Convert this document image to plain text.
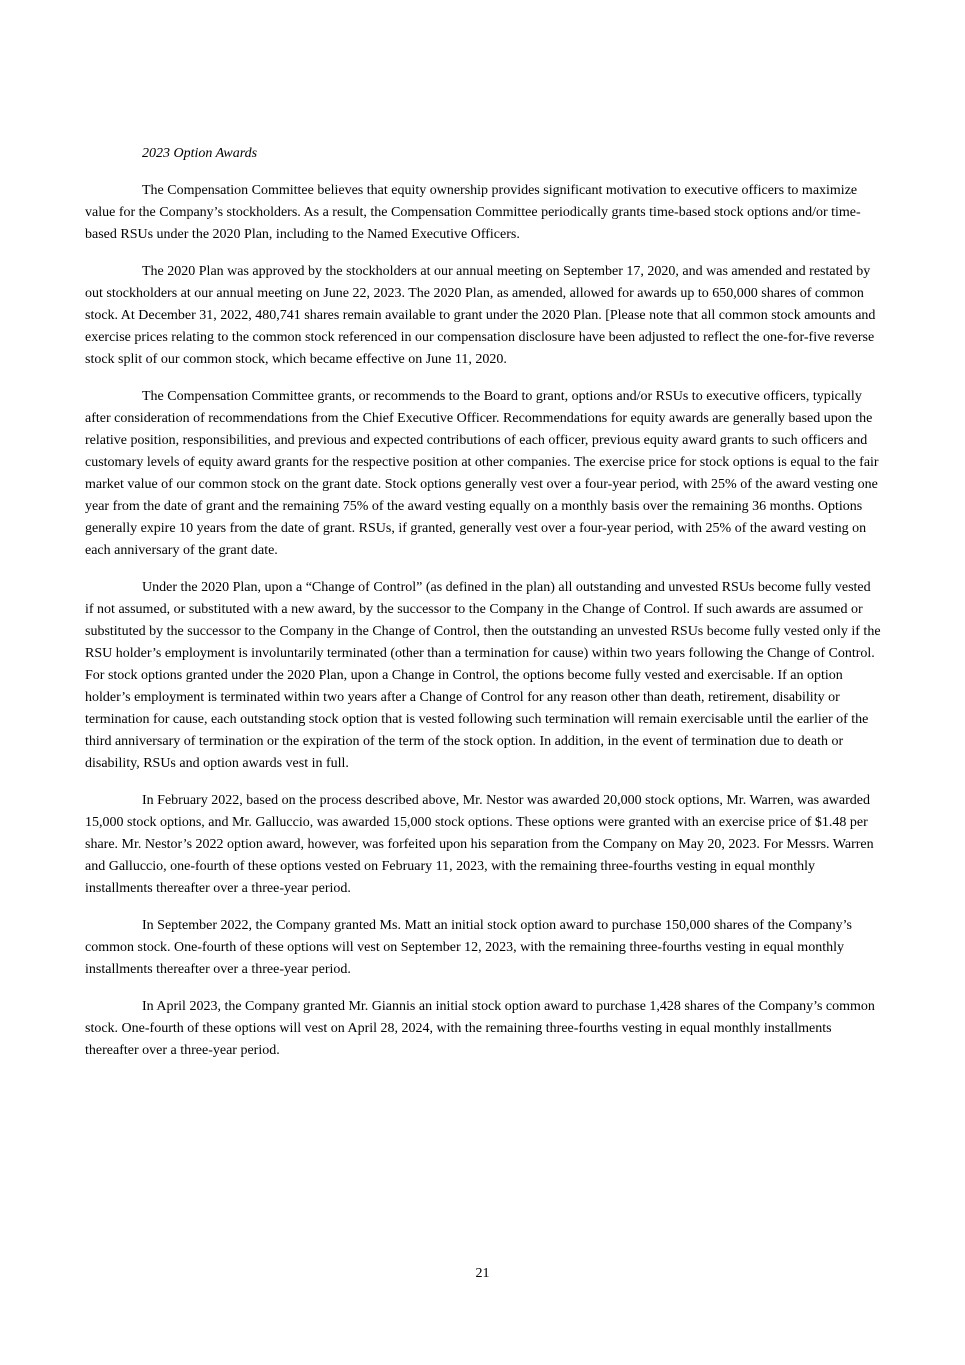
2023 Option Awards

The Compensation Committee believes that equity ownership provides significant motivation to executive officers to maximize value for the Company’s stockholders. As a result, the Compensation Committee periodically grants time-based stock options and/or time-based RSUs under the 2020 Plan, including to the Named Executive Officers.

The 2020 Plan was approved by the stockholders at our annual meeting on September 17, 2020, and was amended and restated by out stockholders at our annual meeting on June 22, 2023. The 2020 Plan, as amended, allowed for awards up to 650,000 shares of common stock. At December 31, 2022, 480,741 shares remain available to grant under the 2020 Plan. [Please note that all common stock amounts and exercise prices relating to the common stock referenced in our compensation disclosure have been adjusted to reflect the one-for-five reverse stock split of our common stock, which became effective on June 11, 2020.

The Compensation Committee grants, or recommends to the Board to grant, options and/or RSUs to executive officers, typically after consideration of recommendations from the Chief Executive Officer. Recommendations for equity awards are generally based upon the relative position, responsibilities, and previous and expected contributions of each officer, previous equity award grants to such officers and customary levels of equity award grants for the respective position at other companies. The exercise price for stock options is equal to the fair market value of our common stock on the grant date. Stock options generally vest over a four-year period, with 25% of the award vesting one year from the date of grant and the remaining 75% of the award vesting equally on a monthly basis over the remaining 36 months. Options generally expire 10 years from the date of grant. RSUs, if granted, generally vest over a four-year period, with 25% of the award vesting on each anniversary of the grant date.

Under the 2020 Plan, upon a “Change of Control” (as defined in the plan) all outstanding and unvested RSUs become fully vested if not assumed, or substituted with a new award, by the successor to the Company in the Change of Control. If such awards are assumed or substituted by the successor to the Company in the Change of Control, then the outstanding an unvested RSUs become fully vested only if the RSU holder’s employment is involuntarily terminated (other than a termination for cause) within two years following the Change of Control. For stock options granted under the 2020 Plan, upon a Change in Control, the options become fully vested and exercisable. If an option holder’s employment is terminated within two years after a Change of Control for any reason other than death, retirement, disability or termination for cause, each outstanding stock option that is vested following such termination will remain exercisable until the earlier of the third anniversary of termination or the expiration of the term of the stock option. In addition, in the event of termination due to death or disability, RSUs and option awards vest in full.

In February 2022, based on the process described above, Mr. Nestor was awarded 20,000 stock options, Mr. Warren, was awarded 15,000 stock options, and Mr. Galluccio, was awarded 15,000 stock options. These options were granted with an exercise price of $1.48 per share. Mr. Nestor’s 2022 option award, however, was forfeited upon his separation from the Company on May 20, 2023. For Messrs. Warren and Galluccio, one-fourth of these options vested on February 11, 2023, with the remaining three-fourths vesting in equal monthly installments thereafter over a three-year period.

In September 2022, the Company granted Ms. Matt an initial stock option award to purchase 150,000 shares of the Company’s common stock. One-fourth of these options will vest on September 12, 2023, with the remaining three-fourths vesting in equal monthly installments thereafter over a three-year period.

In April 2023, the Company granted Mr. Giannis an initial stock option award to purchase 1,428 shares of the Company’s common stock. One-fourth of these options will vest on April 28, 2024, with the remaining three-fourths vesting in equal monthly installments thereafter over a three-year period.

21
